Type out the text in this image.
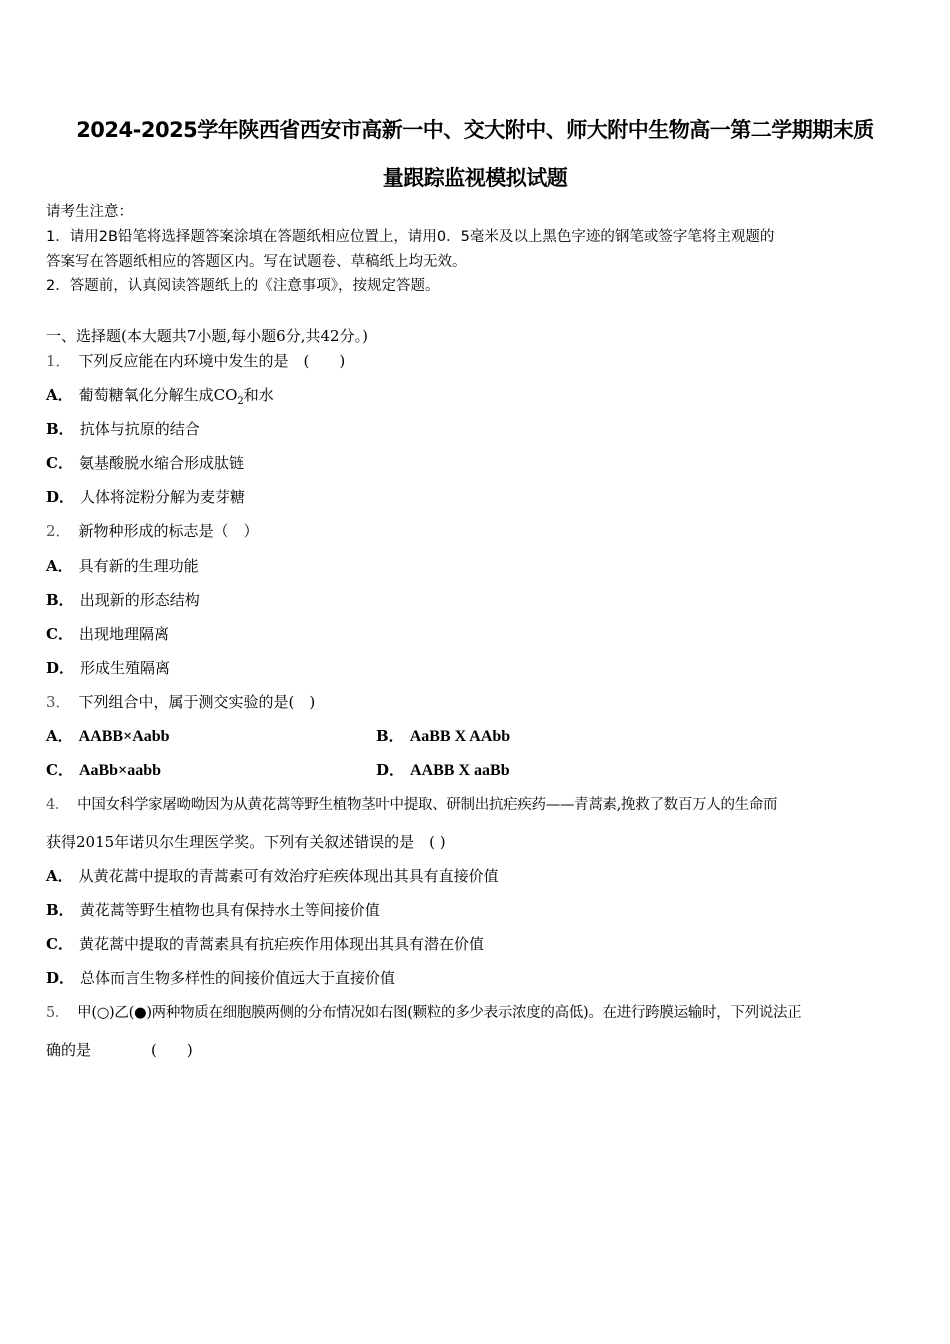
2024-2025学年陕西省西安市高新一中、交大附中、师大附中生物高一第二学期期末质
量跟踪监视模拟试题
请考生注意：
1．请用2B铅笔将选择题答案涂填在答题纸相应位置上，请用0．5毫米及以上黑色字迹的钢笔或签字笔将主观题的
答案写在答题纸相应的答题区内。写在试题卷、草稿纸上均无效。
2．答题前，认真阅读答题纸上的《注意事项》，按规定答题。
一、选择题(本大题共7小题,每小题6分,共42分。)
1． 下列反应能在内环境中发生的是　(　　)
A． 葡萄糖氧化分解生成$CO_2$和水
B． 抗体与抗原的结合
C． 氨基酸脱水缩合形成肽链
D． 人体将淀粉分解为麦芽糖
2． 新物种形成的标志是（　）
A． 具有新的生理功能
B． 出现新的形态结构
C． 出现地理隔离
D． 形成生殖隔离
3． 下列组合中，属于测交实验的是(　)
A． AABB×Aabb	B． AaBB X AAbb
C． AaBb×aabb	D． AABB X aaBb
4． 中国女科学家屠呦呦因为从黄花蒿等野生植物茎叶中提取、研制出抗疟疾药——青蒿素,挽救了数百万人的生命而
获得2015年诺贝尔生理医学奖。下列有关叙述错误的是　( )
A． 从黄花蒿中提取的青蒿素可有效治疗疟疾体现出其具有直接价值
B． 黄花蒿等野生植物也具有保持水土等间接价值
C． 黄花蒿中提取的青蒿素具有抗疟疾作用体现出其具有潜在价值
D． 总体而言生物多样性的间接价值远大于直接价值
5． 甲(○)乙(●)两种物质在细胞膜两侧的分布情况如右图(颗粒的多少表示浓度的高低)。在进行跨膜运输时，下列说法正
确的是　　　　(　　)
